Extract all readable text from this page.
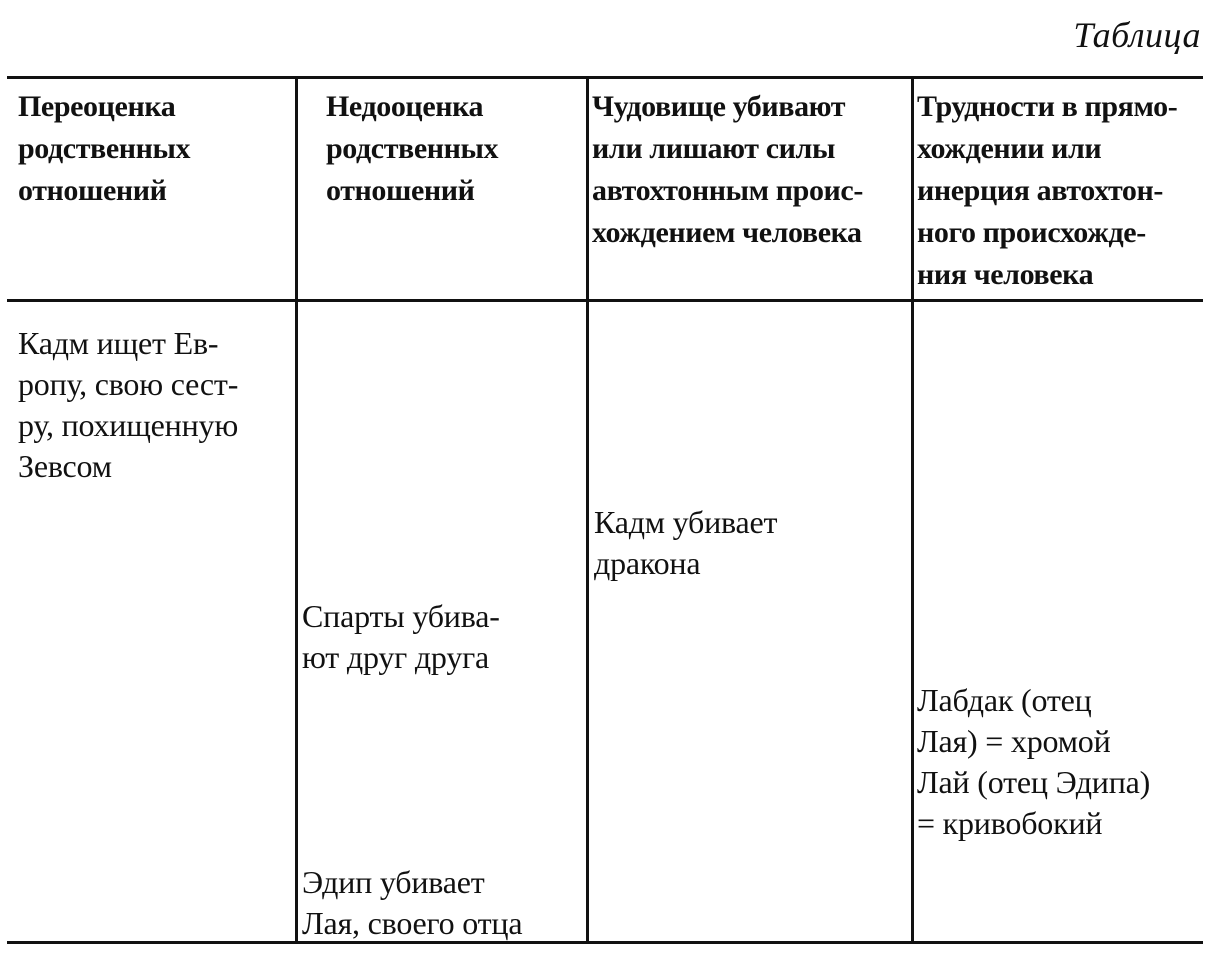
Таблица
Переоценка
родственных
отношений
Недооценка
родственных
отношений
Чудовище убивают
или лишают силы
автохтонным проис-
хождением человека
Трудности в прямо-
хождении или
инерция автохтон-
ного происхожде-
ния человека
Кадм ищет Ев-
ропу, свою сест-
ру, похищенную
Зевсом
Кадм убивает
дракона
Спарты убива-
ют друг друга
Лабдак (отец
Лая) = хромой
Лай (отец Эдипа)
= кривобокий
Эдип убивает
Лая, своего отца
